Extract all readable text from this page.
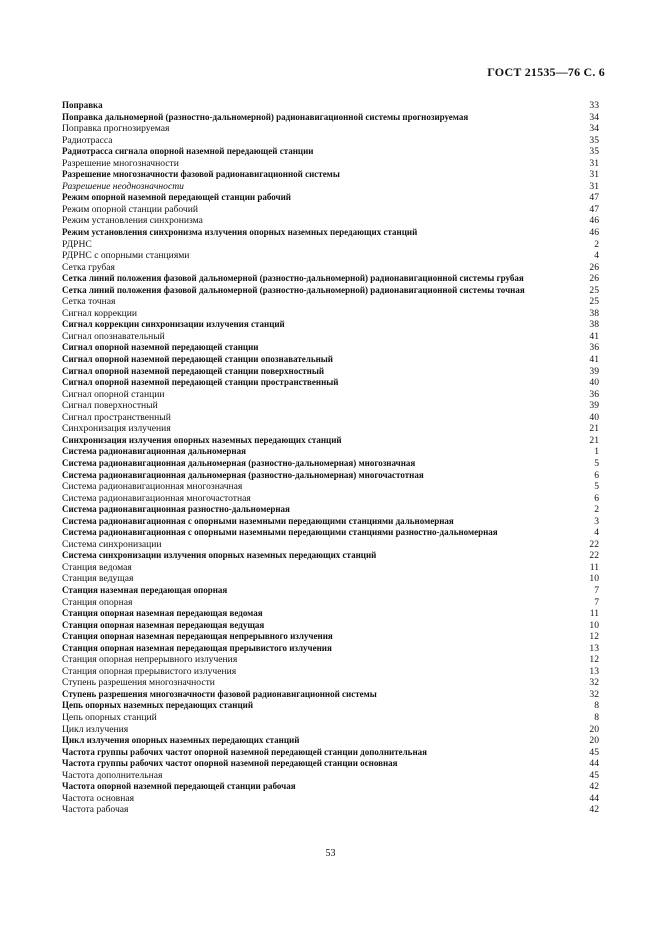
ГОСТ 21535—76 С. 6
Поправка	33
Поправка дальномерной (разностно-дальномерной) радионавигационной системы прогнозируемая	34
Поправка прогнозируемая	34
Радиотрасса	35
Радиотрасса сигнала опорной наземной передающей станции	35
Разрешение многозначности	31
Разрешение многозначности фазовой радионавигационной системы	31
Разрешение неоднозначности	31
Режим опорной наземной передающей станции рабочий	47
Режим опорной станции рабочий	47
Режим установления синхронизма	46
Режим установления синхронизма излучения опорных наземных передающих станций	46
РДРНС	2
РДРНС с опорными станциями	4
Сетка грубая	26
Сетка линий положения фазовой дальномерной (разностно-дальномерной) радионавигационной системы грубая	26
Сетка линий положения фазовой дальномерной (разностно-дальномерной) радионавигационной системы точная	25
Сетка точная	25
Сигнал коррекции	38
Сигнал коррекции синхронизации излучения станций	38
Сигнал опознавательный	41
Сигнал опорной наземной передающей станции	36
Сигнал опорной наземной передающей станции опознавательный	41
Сигнал опорной наземной передающей станции поверхностный	39
Сигнал опорной наземной передающей станции пространственный	40
Сигнал опорной станции	36
Сигнал поверхностный	39
Сигнал пространственный	40
Синхронизация излучения	21
Синхронизация излучения опорных наземных передающих станций	21
Система радионавигационная дальномерная	1
Система радионавигационная дальномерная (разностно-дальномерная) многозначная	5
Система радионавигационная дальномерная (разностно-дальномерная) многочастотная	6
Система радионавигационная многозначная	5
Система радионавигационная многочастотная	6
Система радионавигационная разностно-дальномерная	2
Система радионавигационная с опорными наземными передающими станциями дальномерная	3
Система радионавигационная с опорными наземными передающими станциями разностно-дальномерная	4
Система синхронизации	22
Система синхронизации излучения опорных наземных передающих станций	22
Станция ведомая	11
Станция ведущая	10
Станция наземная передающая опорная	7
Станция опорная	7
Станция опорная наземная передающая ведомая	11
Станция опорная наземная передающая ведущая	10
Станция опорная наземная передающая непрерывного излучения	12
Станция опорная наземная передающая прерывистого излучения	13
Станция опорная непрерывного излучения	12
Станция опорная прерывистого излучения	13
Ступень разрешения многозначности	32
Ступень разрешения многозначности фазовой радионавигационной системы	32
Цепь опорных наземных передающих станций	8
Цепь опорных станций	8
Цикл излучения	20
Цикл излучения опорных наземных передающих станций	20
Частота группы рабочих частот опорной наземной передающей станции дополнительная	45
Частота группы рабочих частот опорной наземной передающей станции основная	44
Частота дополнительная	45
Частота опорной наземной передающей станции рабочая	42
Частота основная	44
Частота рабочая	42
53
